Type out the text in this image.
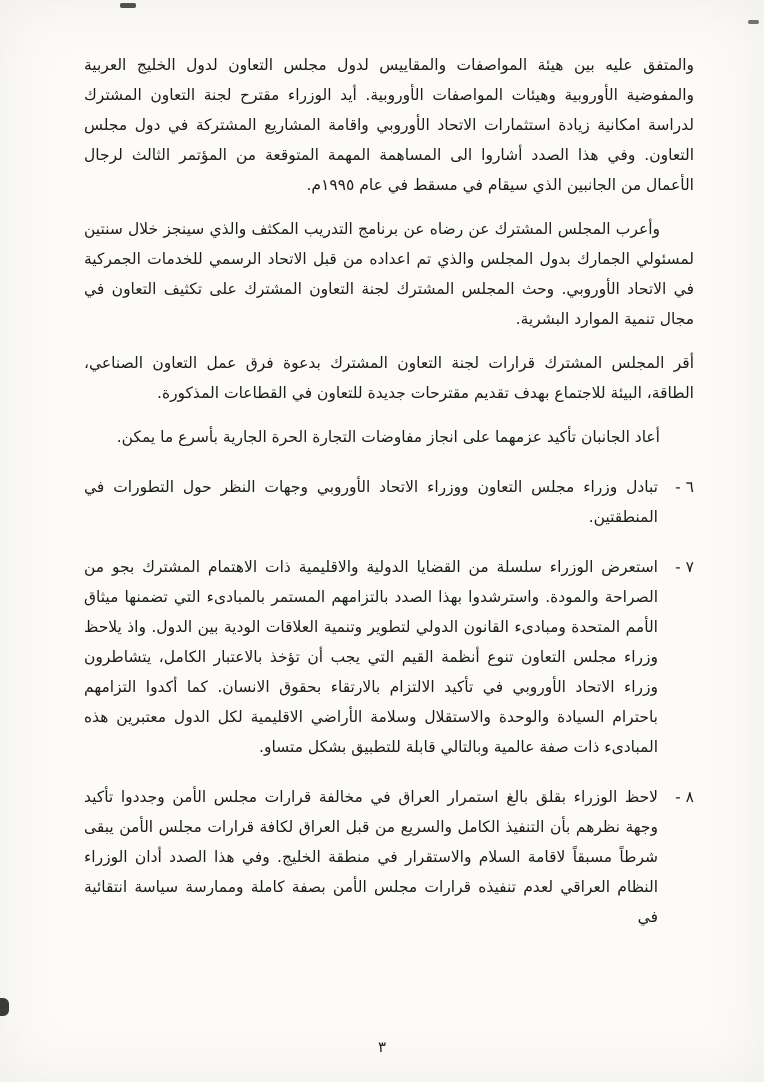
والمتفق عليه بين هيئة المواصفات والمقاييس لدول مجلس التعاون لدول الخليج العربية والمفوضية الأوروبية وهيئات المواصفات الأوروبية. أيد الوزراء مقترح لجنة التعاون المشترك لدراسة امكانية زيادة استثمارات الاتحاد الأوروبي واقامة المشاريع المشتركة في دول مجلس التعاون. وفي هذا الصدد أشاروا الى المساهمة المهمة المتوقعة من المؤتمر الثالث لرجال الأعمال من الجانبين الذي سيقام في مسقط في عام ١٩٩٥م.

وأعرب المجلس المشترك عن رضاه عن برنامج التدريب المكثف والذي سينجز خلال سنتين لمسئولي الجمارك بدول المجلس والذي تم اعداده من قبل الاتحاد الرسمي للخدمات الجمركية في الاتحاد الأوروبي. وحث المجلس المشترك لجنة التعاون المشترك على تكثيف التعاون في مجال تنمية الموارد البشرية.

أقر المجلس المشترك قرارات لجنة التعاون المشترك بدعوة فرق عمل التعاون الصناعي، الطاقة، البيئة للاجتماع بهدف تقديم مقترحات جديدة للتعاون في القطاعات المذكورة.

أعاد الجانبان تأكيد عزمهما على انجاز مفاوضات التجارة الحرة الجارية بأسرع ما يمكن.

٦ -

تبادل وزراء مجلس التعاون ووزراء الاتحاد الأوروبي وجهات النظر حول التطورات في المنطقتين.

٧ -

استعرض الوزراء سلسلة من القضايا الدولية والاقليمية ذات الاهتمام المشترك بجو من الصراحة والمودة. واسترشدوا بهذا الصدد بالتزامهم المستمر بالمبادىء التي تضمنها ميثاق الأمم المتحدة ومبادىء القانون الدولي لتطوير وتنمية العلاقات الودية بين الدول. واذ يلاحظ وزراء مجلس التعاون تنوع أنظمة القيم التي يجب أن تؤخذ بالاعتبار الكامل، يتشاطرون وزراء الاتحاد الأوروبي في تأكيد الالتزام بالارتقاء بحقوق الانسان. كما أكدوا التزامهم باحترام السيادة والوحدة والاستقلال وسلامة الأراضي الاقليمية لكل الدول معتبرين هذه المبادىء ذات صفة عالمية وبالتالي قابلة للتطبيق بشكل متساو.

٨ -

لاحظ الوزراء بقلق بالغ استمرار العراق في مخالفة قرارات مجلس الأمن وجددوا تأكيد وجهة نظرهم بأن التنفيذ الكامل والسريع من قبل العراق لكافة قرارات مجلس الأمن يبقى شرطاً مسبقاً لاقامة السلام والاستقرار في منطقة الخليج. وفي هذا الصدد أدان الوزراء النظام العراقي لعدم تنفيذه قرارات مجلس الأمن بصفة كاملة وممارسة سياسة انتقائية في

٣
